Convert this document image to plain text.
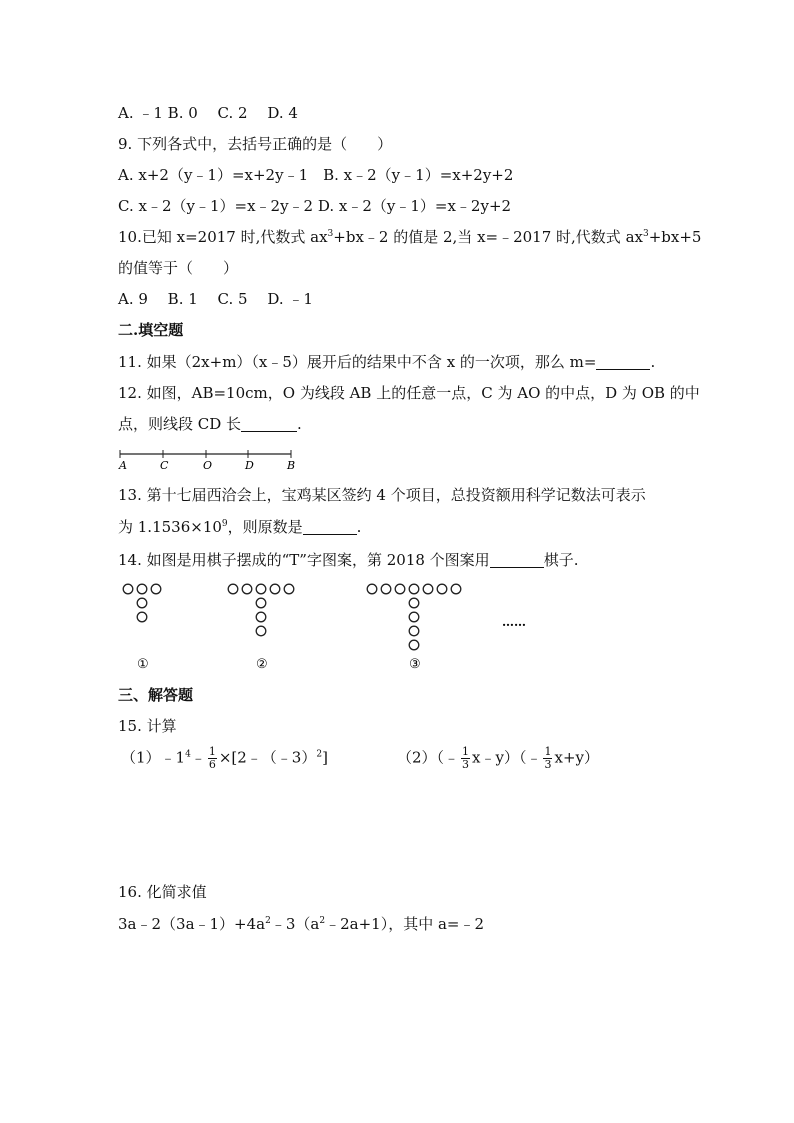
A. ﹣1 B. 0　 C. 2　 D. 4
9. 下列各式中，去括号正确的是（　　）
A. x+2（y﹣1）=x+2y﹣1　B. x﹣2（y﹣1）=x+2y+2
C. x﹣2（y﹣1）=x﹣2y﹣2 D. x﹣2（y﹣1）=x﹣2y+2
10.已知 x=2017 时,代数式 $ax^3+bx﹣2$ 的值是 2,当 x=﹣2017 时,代数式 $ax^3+bx+5$
的值等于（　　）
A. 9　 B. 1　 C. 5　 D. ﹣1
二.填空题
11. 如果（2x+m）（x﹣5）展开后的结果中不含 x 的一次项，那么 m=	.
12. 如图，AB=10cm，O 为线段 AB 上的任意一点，C 为 AO 的中点，D 为 OB 的中
点，则线段 CD 长	.
A	C	O	D	B
13. 第十七届西洽会上，宝鸡某区签约 4 个项目，总投资额用科学记数法可表示
为 $1.1536\times 10^9$，则原数是	.
14. 如图是用棋子摆成的“T”字图案，第 2018 个图案用	棋子.
①	②	③
……
三、解答题
15. 计算
$(1)﹣1^4﹣ \frac{1}{6}$ ×[2﹣（﹣3）$^2$]	（2）（﹣ $\frac{1}{3}$ x﹣y）（﹣ $\frac{1}{3} x+y$）
16. 化简求值
$3a﹣2(3a﹣1)+4a^2﹣3(a^2﹣2a+1)$，其中 a=﹣2
